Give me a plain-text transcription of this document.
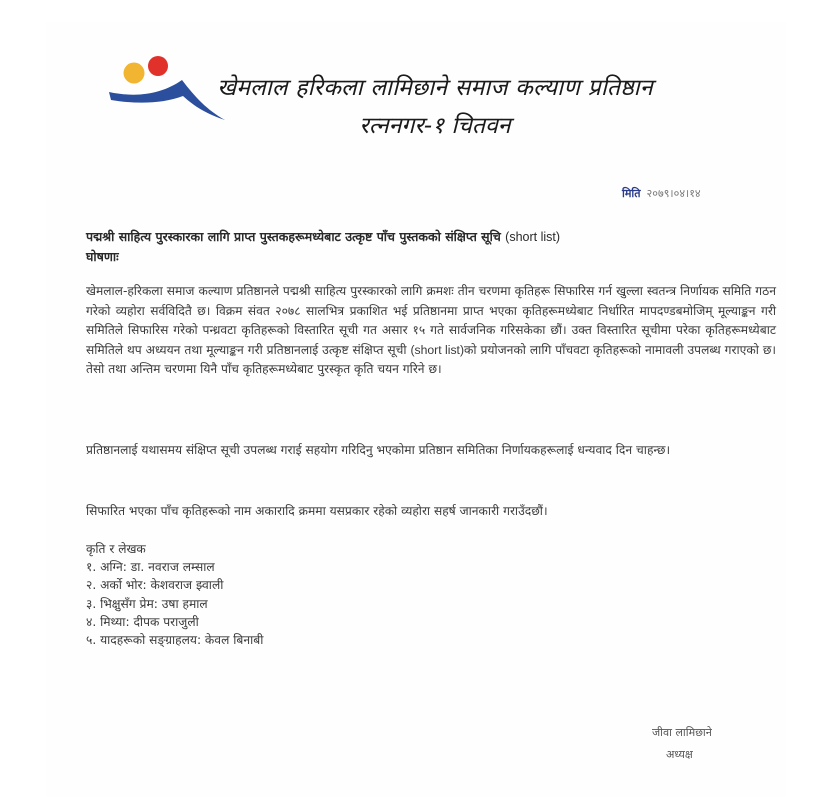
खेमलाल हरिकला लामिछाने समाज कल्याण प्रतिष्ठान
रत्ननगर-१ चितवन
मिति २०७९।०४।१४
पद्मश्री साहित्य पुरस्कारका लागि प्राप्त पुस्तकहरूमध्येबाट उत्कृष्ट पाँच पुस्तकको संक्षिप्त सूचि (short list)
घोषणाः
खेमलाल-हरिकला समाज कल्याण प्रतिष्ठानले पद्मश्री साहित्य पुरस्कारको लागि क्रमशः तीन चरणमा कृतिहरू सिफारिस गर्न खुल्ला स्वतन्त्र निर्णायक समिति गठन गरेको व्यहोरा सर्वविदितै छ। विक्रम संवत २०७८ सालभित्र प्रकाशित भई प्रतिष्ठानमा प्राप्त भएका कृतिहरूमध्येबाट निर्धारित मापदण्डबमोजिम् मूल्याङ्कन गरी समितिले सिफारिस गरेको पन्ध्रवटा कृतिहरूको विस्तारित सूची गत असार १५ गते सार्वजनिक गरिसकेका छौं। उक्त विस्तारित सूचीमा परेका कृतिहरूमध्येबाट समितिले थप अध्ययन तथा मूल्याङ्कन गरी प्रतिष्ठानलाई उत्कृष्ट संक्षिप्त सूची (short list)को प्रयोजनको लागि पाँचवटा कृतिहरूको नामावली उपलब्ध गराएको छ। तेसो तथा अन्तिम चरणमा यिनै पाँच कृतिहरूमध्येबाट पुरस्कृत कृति चयन गरिने छ।
प्रतिष्ठानलाई यथासमय संक्षिप्त सूची उपलब्ध गराई सहयोग गरिदिनु भएकोमा प्रतिष्ठान समितिका निर्णायकहरूलाई धन्यवाद दिन चाहन्छ।
सिफारित भएका पाँच कृतिहरूको नाम अकारादि क्रममा यसप्रकार रहेको व्यहोरा सहर्ष जानकारी गराउँदछौं।
कृति र लेखक
१. अग्नि: डा. नवराज लम्साल
२. अर्को भोर: केशवराज झ्वाली
३. भिक्षुसँग प्रेम: उषा हमाल
४. मिथ्या: दीपक पराजुली
५. यादहरूको सङ्ग्राहलय: केवल बिनाबी
जीवा लामिछाने
अध्यक्ष
